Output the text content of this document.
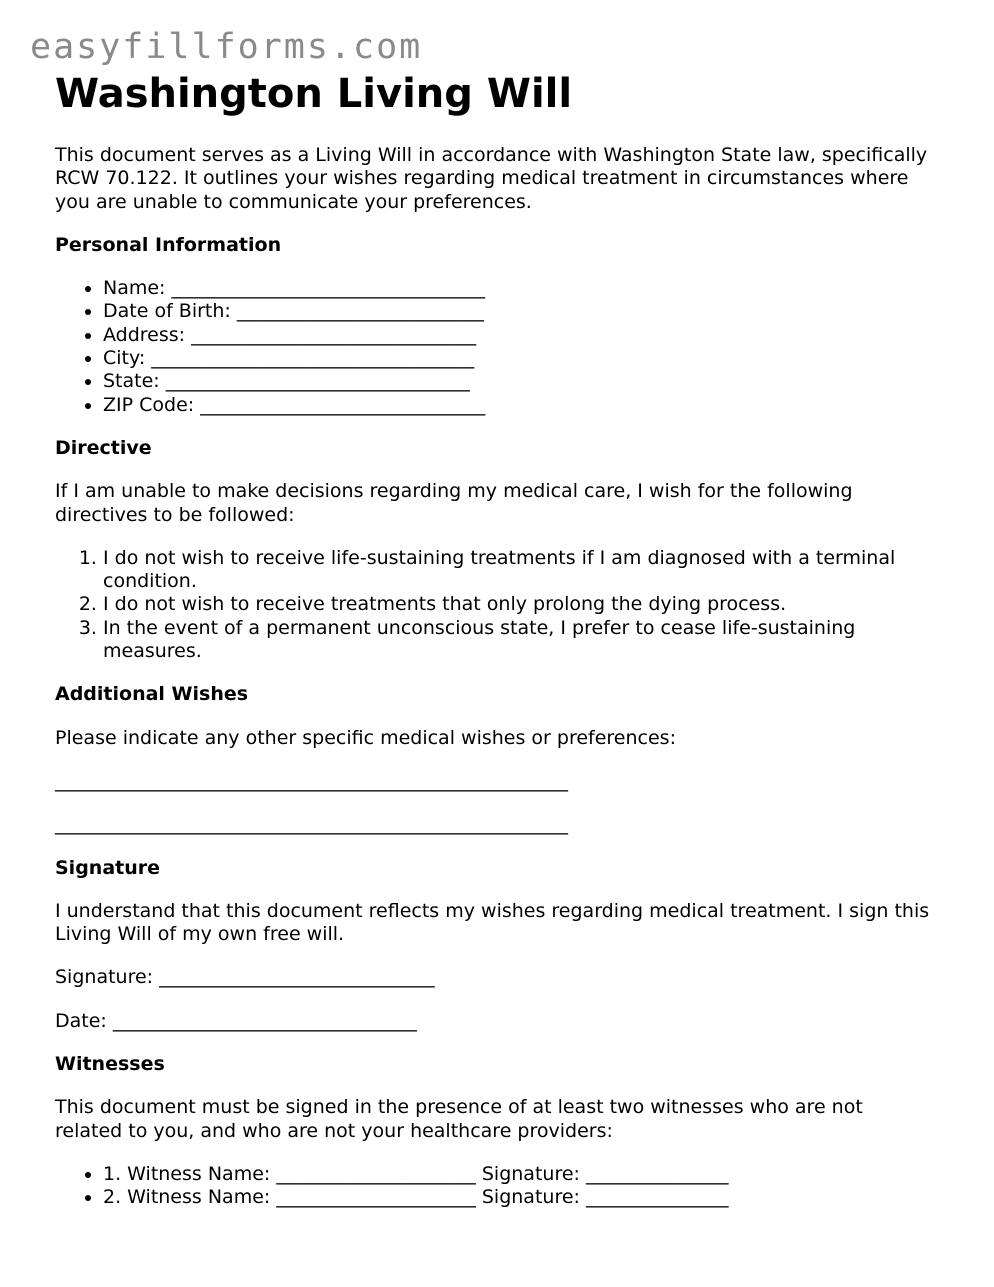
easyfillforms.com
Washington Living Will

This document serves as a Living Will in accordance with Washington State law, specifically RCW 70.122. It outlines your wishes regarding medical treatment in circumstances where you are unable to communicate your preferences.

Personal Information
• Name: _________________________________
• Date of Birth: __________________________
• Address: ______________________________
• City: __________________________________
• State: ________________________________
• ZIP Code: ______________________________
Directive

If I am unable to make decisions regarding my medical care, I wish for the following directives to be followed:

1. I do not wish to receive life-sustaining treatments if I am diagnosed with a terminal condition.
2. I do not wish to receive treatments that only prolong the dying process.
3. In the event of a permanent unconscious state, I prefer to cease life-sustaining measures.
Additional Wishes

Please indicate any other specific medical wishes or preferences:

______________________________________________________
______________________________________________________
Signature

I understand that this document reflects my wishes regarding medical treatment. I sign this Living Will of my own free will.

Signature: _____________________________

Date: ________________________________

Witnesses

This document must be signed in the presence of at least two witnesses who are not related to you, and who are not your healthcare providers:

• 1. Witness Name: _____________________ Signature: _______________
• 2. Witness Name: _____________________ Signature: _______________
